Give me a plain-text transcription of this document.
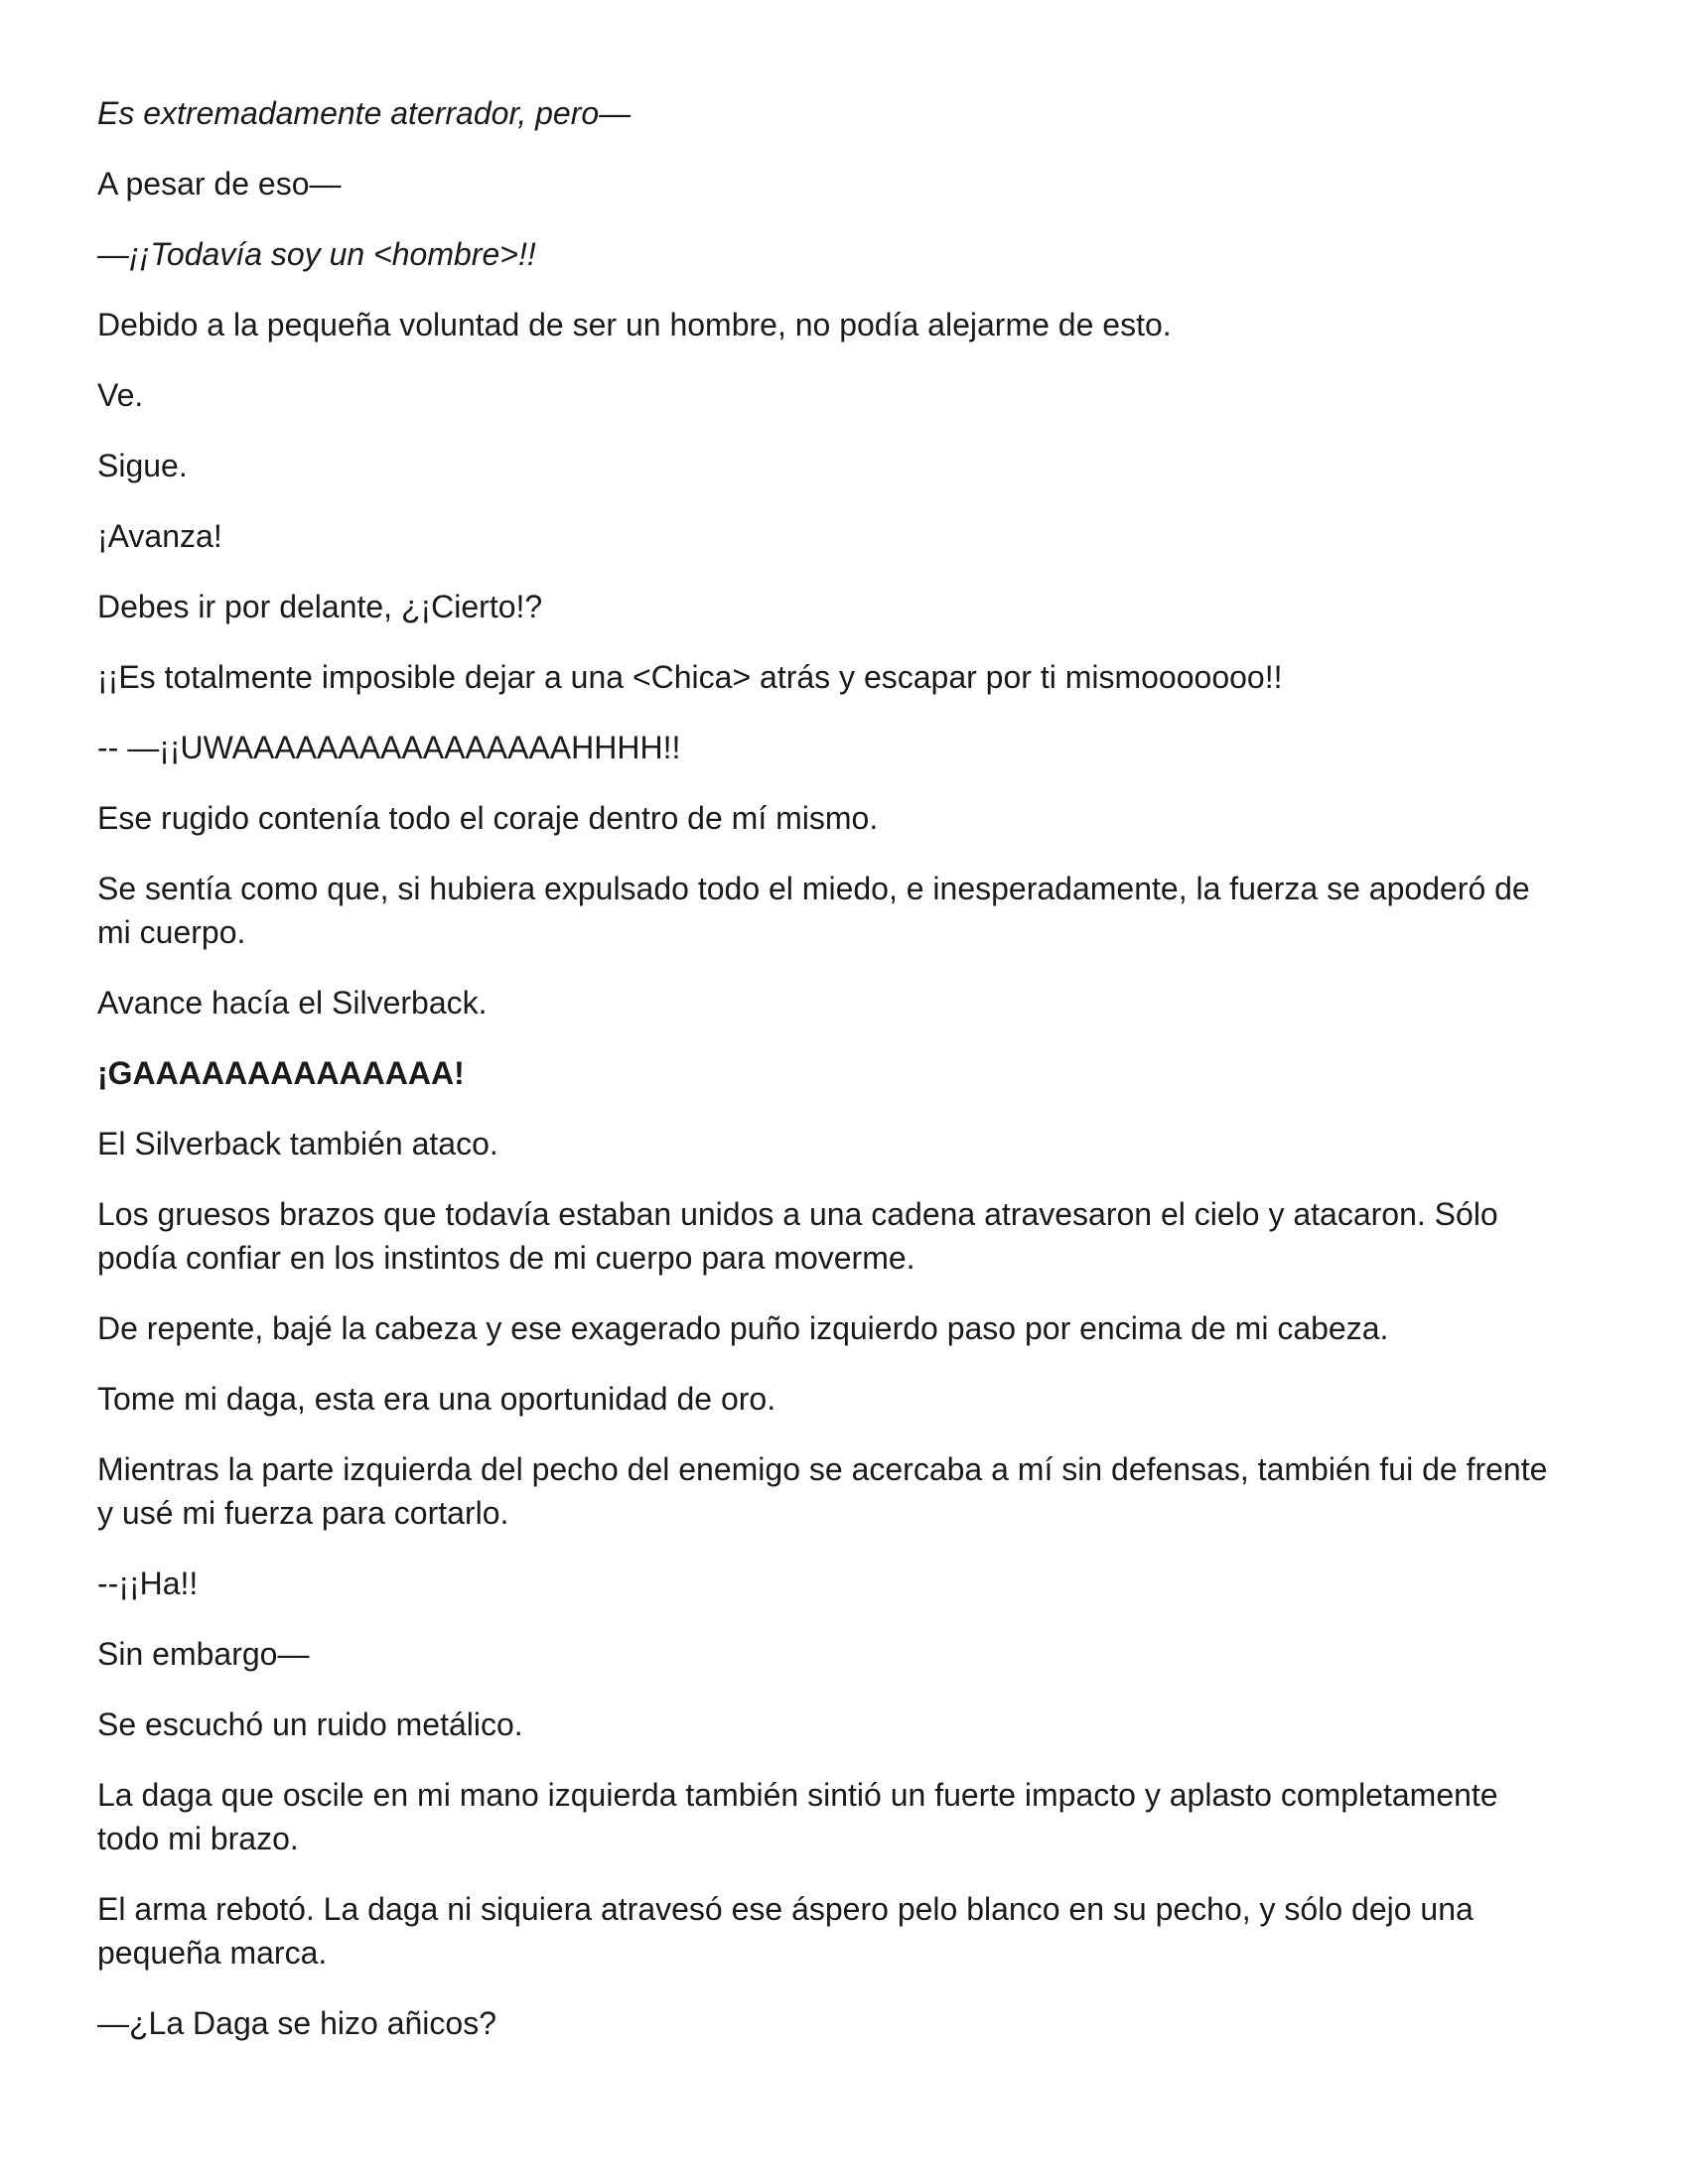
Es extremadamente aterrador, pero—

A pesar de eso—

—¡¡Todavía soy un <hombre>!!

Debido a la pequeña voluntad de ser un hombre, no podía alejarme de esto.

Ve.

Sigue.

¡Avanza!

Debes ir por delante, ¿¡Cierto!?

¡¡Es totalmente imposible dejar a una <Chica> atrás y escapar por ti mismooooooo!!

-- —¡¡UWAAAAAAAAAAAAAAAAHHHH!!

Ese rugido contenía todo el coraje dentro de mí mismo.

Se sentía como que, si hubiera expulsado todo el miedo, e inesperadamente, la fuerza se apoderó de mi cuerpo.

Avance hacía el Silverback.

¡GAAAAAAAAAAAAAA!

El Silverback también ataco.

Los gruesos brazos que todavía estaban unidos a una cadena atravesaron el cielo y atacaron. Sólo podía confiar en los instintos de mi cuerpo para moverme.

De repente, bajé la cabeza y ese exagerado puño izquierdo paso por encima de mi cabeza.

Tome mi daga, esta era una oportunidad de oro.

Mientras la parte izquierda del pecho del enemigo se acercaba a mí sin defensas, también fui de frente y usé mi fuerza para cortarlo.

--¡¡Ha!!

Sin embargo—

Se escuchó un ruido metálico.

La daga que oscile en mi mano izquierda también sintió un fuerte impacto y aplasto completamente todo mi brazo.

El arma rebotó. La daga ni siquiera atravesó ese áspero pelo blanco en su pecho, y sólo dejo una pequeña marca.

—¿La Daga se hizo añicos?
